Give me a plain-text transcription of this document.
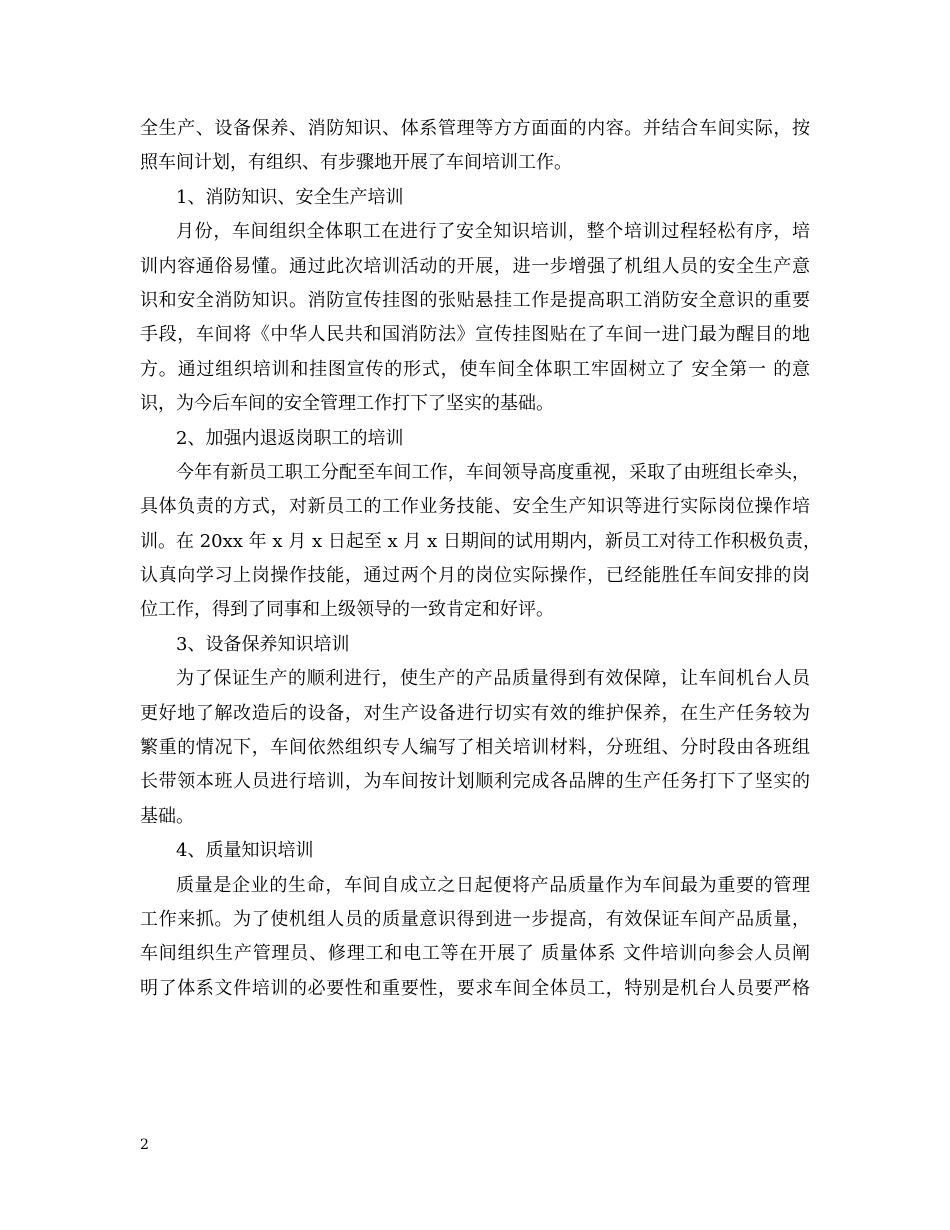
全生产、设备保养、消防知识、体系管理等方方面面的内容。并结合车间实际，按
照车间计划，有组织、有步骤地开展了车间培训工作。
1、消防知识、安全生产培训
月份，车间组织全体职工在进行了安全知识培训，整个培训过程轻松有序，培
训内容通俗易懂。通过此次培训活动的开展，进一步增强了机组人员的安全生产意
识和安全消防知识。消防宣传挂图的张贴悬挂工作是提高职工消防安全意识的重要
手段，车间将《中华人民共和国消防法》宣传挂图贴在了车间一进门最为醒目的地
方。通过组织培训和挂图宣传的形式，使车间全体职工牢固树立了 安全第一 的意
识，为今后车间的安全管理工作打下了坚实的基础。
2、加强内退返岗职工的培训
今年有新员工职工分配至车间工作，车间领导高度重视，采取了由班组长牵头，
具体负责的方式，对新员工的工作业务技能、安全生产知识等进行实际岗位操作培
训。在 20xx 年 x 月 x 日起至 x 月 x 日期间的试用期内，新员工对待工作积极负责，
认真向学习上岗操作技能，通过两个月的岗位实际操作，已经能胜任车间安排的岗
位工作，得到了同事和上级领导的一致肯定和好评。
3、设备保养知识培训
为了保证生产的顺利进行，使生产的产品质量得到有效保障，让车间机台人员
更好地了解改造后的设备，对生产设备进行切实有效的维护保养，在生产任务较为
繁重的情况下，车间依然组织专人编写了相关培训材料，分班组、分时段由各班组
长带领本班人员进行培训，为车间按计划顺利完成各品牌的生产任务打下了坚实的
基础。
4、质量知识培训
质量是企业的生命，车间自成立之日起便将产品质量作为车间最为重要的管理
工作来抓。为了使机组人员的质量意识得到进一步提高，有效保证车间产品质量，
车间组织生产管理员、修理工和电工等在开展了 质量体系 文件培训向参会人员阐
明了体系文件培训的必要性和重要性，要求车间全体员工，特别是机台人员要严格
2
